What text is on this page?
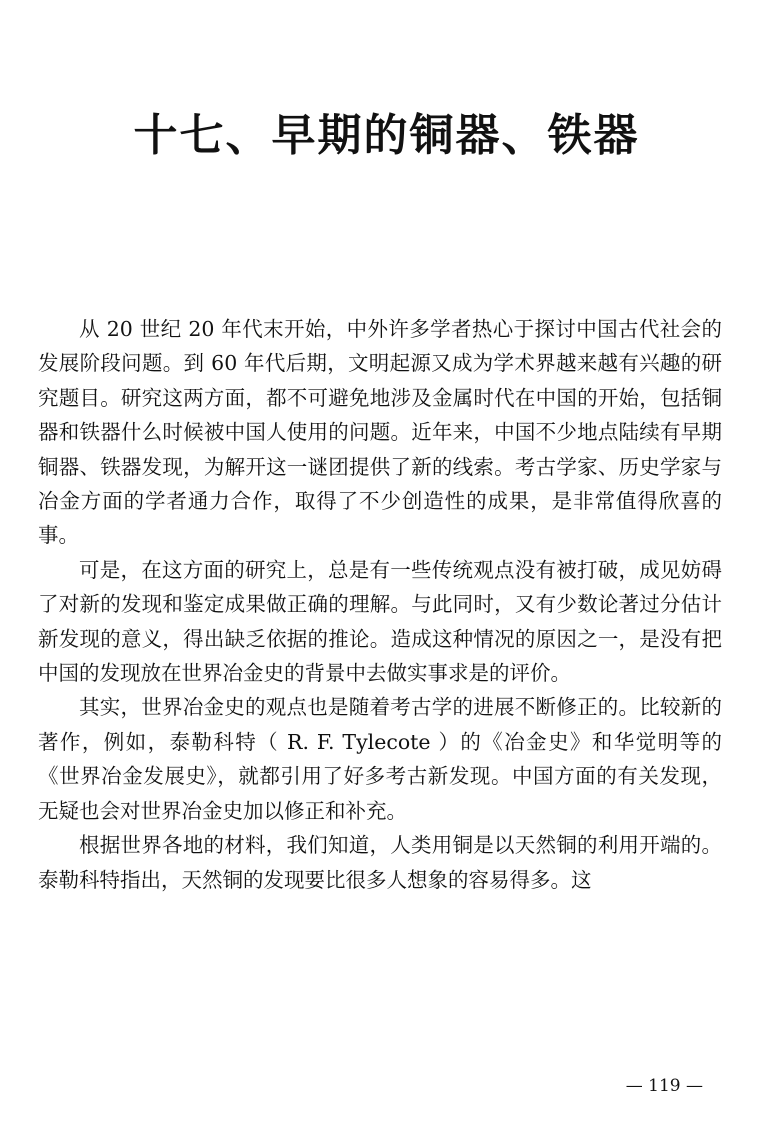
十七、早期的铜器、铁器

从 20 世纪 20 年代末开始，中外许多学者热心于探讨中国古代社会的发展阶段问题。到 60 年代后期，文明起源又成为学术界越来越有兴趣的研究题目。研究这两方面，都不可避免地涉及金属时代在中国的开始，包括铜器和铁器什么时候被中国人使用的问题。近年来，中国不少地点陆续有早期铜器、铁器发现，为解开这一谜团提供了新的线索。考古学家、历史学家与冶金方面的学者通力合作，取得了不少创造性的成果，是非常值得欣喜的事。

可是，在这方面的研究上，总是有一些传统观点没有被打破，成见妨碍了对新的发现和鉴定成果做正确的理解。与此同时，又有少数论著过分估计新发现的意义，得出缺乏依据的推论。造成这种情况的原因之一，是没有把中国的发现放在世界冶金史的背景中去做实事求是的评价。

其实，世界冶金史的观点也是随着考古学的进展不断修正的。比较新的著作，例如，泰勒科特（ R. F. Tylecote ）的《冶金史》和华觉明等的《世界冶金发展史》，就都引用了好多考古新发现。中国方面的有关发现，无疑也会对世界冶金史加以修正和补充。

根据世界各地的材料，我们知道，人类用铜是以天然铜的利用开端的。泰勒科特指出，天然铜的发现要比很多人想象的容易得多。这

— 119 —
